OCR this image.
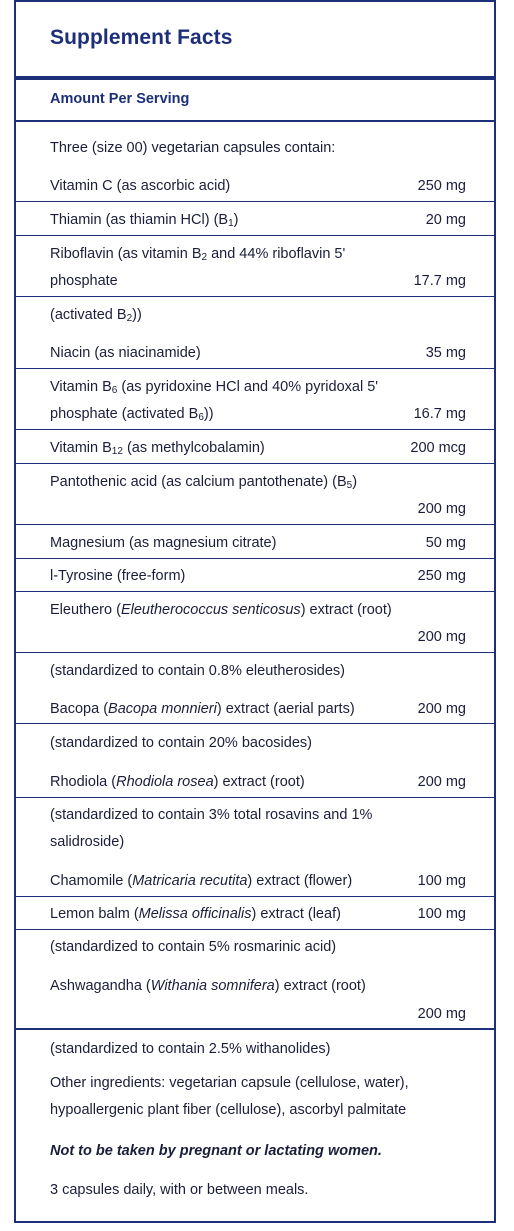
Supplement Facts
Amount Per Serving
Three (size 00) vegetarian capsules contain:
Vitamin C (as ascorbic acid)	250 mg
Thiamin (as thiamin HCl) $(B_1)$	20 mg
Riboflavin (as vitamin $B_2$ and 44% riboflavin 5'
phosphate	17.7 mg
(activated $B_2$))
Niacin (as niacinamide)	35 mg
Vitamin $B_6$ (as pyridoxine HCl and 40% pyridoxal 5'
phosphate (activated $B_6$))	16.7 mg
Vitamin $B_{12}$ (as methylcobalamin)	200 mcg
Pantothenic acid (as calcium pantothenate) $(B_5)$
200 mg
Magnesium (as magnesium citrate)	50 mg
l-Tyrosine (free-form)	250 mg
Eleuthero (Eleutherococcus senticosus) extract (root)
200 mg
(standardized to contain 0.8% eleutherosides)
Bacopa (Bacopa monnieri) extract (aerial parts)	200 mg
(standardized to contain 20% bacosides)
Rhodiola (Rhodiola rosea) extract (root)	200 mg
(standardized to contain 3% total rosavins and 1%
salidroside)
Chamomile (Matricaria recutita) extract (flower)	100 mg
Lemon balm (Melissa officinalis) extract (leaf)	100 mg
(standardized to contain 5% rosmarinic acid)
Ashwagandha (Withania somnifera) extract (root)
200 mg
(standardized to contain 2.5% withanolides)
Other ingredients: vegetarian capsule (cellulose, water), hypoallergenic plant fiber (cellulose), ascorbyl palmitate
Not to be taken by pregnant or lactating women.
3 capsules daily, with or between meals.
